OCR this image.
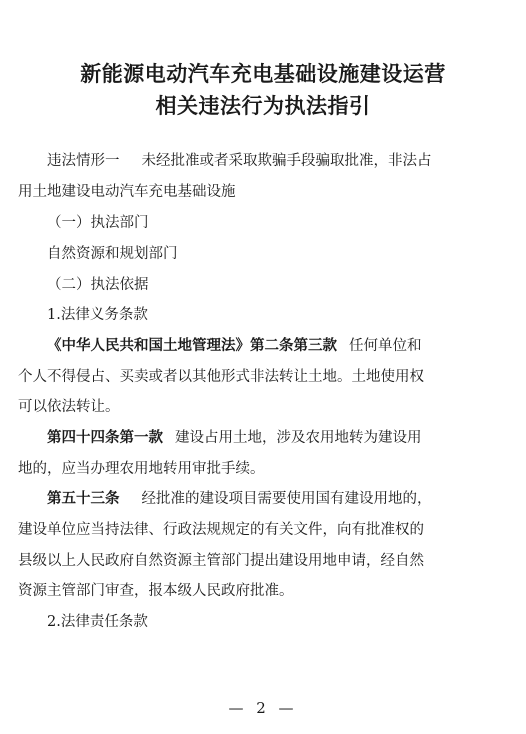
新能源电动汽车充电基础设施建设运营
相关违法行为执法指引
违法情形一 未经批准或者采取欺骗手段骗取批准，非法占
用土地建设电动汽车充电基础设施
（一）执法部门
自然资源和规划部门
（二）执法依据
1.法律义务条款
《中华人民共和国土地管理法》第二条第三款 任何单位和
个人不得侵占、买卖或者以其他形式非法转让土地。土地使用权
可以依法转让。
第四十四条第一款 建设占用土地，涉及农用地转为建设用
地的，应当办理农用地转用审批手续。
第五十三条 经批准的建设项目需要使用国有建设用地的，
建设单位应当持法律、行政法规规定的有关文件，向有批准权的
县级以上人民政府自然资源主管部门提出建设用地申请，经自然
资源主管部门审查，报本级人民政府批准。
2.法律责任条款
— 2 —
